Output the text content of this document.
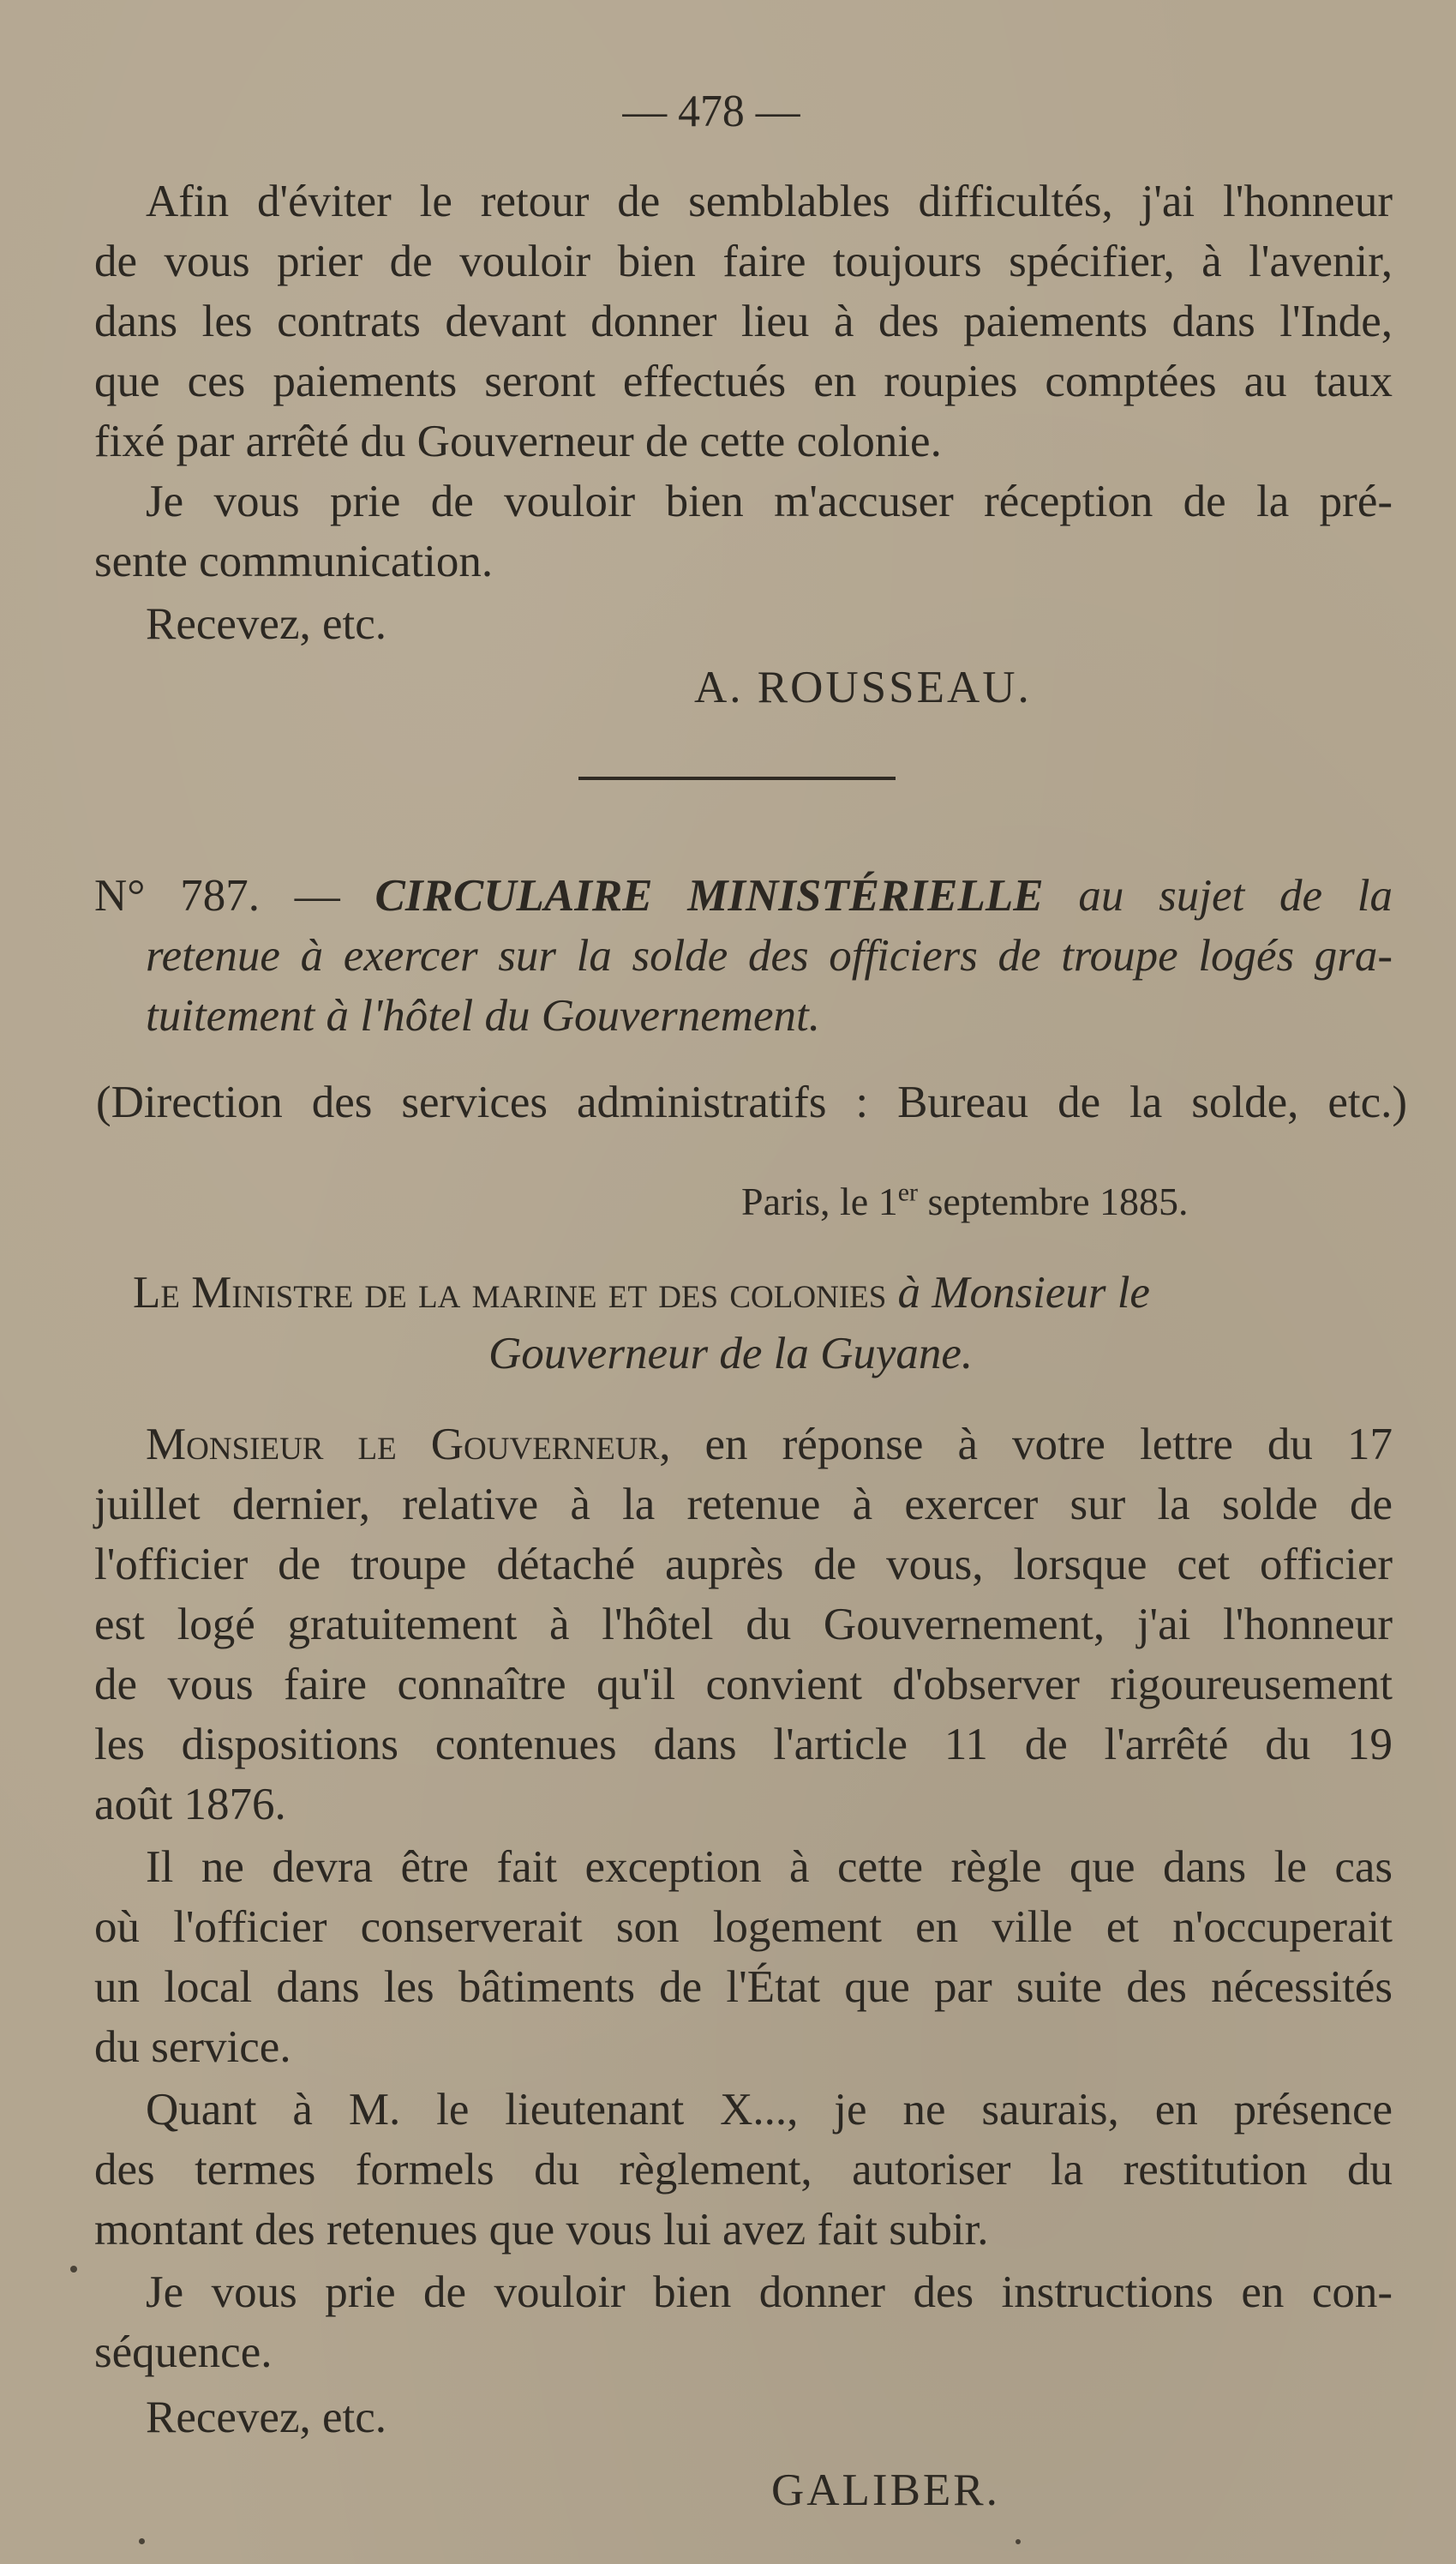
— 478 —
Afin d'éviter le retour de semblables difficultés, j'ai l'honneur
de vous prier de vouloir bien faire toujours spécifier, à l'avenir,
dans les contrats devant donner lieu à des paiements dans l'Inde,
que ces paiements seront effectués en roupies comptées au taux
fixé par arrêté du Gouverneur de cette colonie.
Je vous prie de vouloir bien m'accuser réception de la pré-
sente communication.
Recevez, etc.
A. ROUSSEAU.
N° 787. — CIRCULAIRE MINISTÉRIELLE au sujet de la
retenue à exercer sur la solde des officiers de troupe logés gra-
tuitement à l'hôtel du Gouvernement.
(Direction des services administratifs : Bureau de la solde, etc.)
Paris, le 1er septembre 1885.
Le Ministre de la marine et des colonies à Monsieur le
Gouverneur de la Guyane.
Monsieur le Gouverneur, en réponse à votre lettre du 17
juillet dernier, relative à la retenue à exercer sur la solde de
l'officier de troupe détaché auprès de vous, lorsque cet officier
est logé gratuitement à l'hôtel du Gouvernement, j'ai l'honneur
de vous faire connaître qu'il convient d'observer rigoureusement
les dispositions contenues dans l'article 11 de l'arrêté du 19
août 1876.
Il ne devra être fait exception à cette règle que dans le cas
où l'officier conserverait son logement en ville et n'occuperait
un local dans les bâtiments de l'État que par suite des nécessités
du service.
Quant à M. le lieutenant X..., je ne saurais, en présence
des termes formels du règlement, autoriser la restitution du
montant des retenues que vous lui avez fait subir.
Je vous prie de vouloir bien donner des instructions en con-
séquence.
Recevez, etc.
GALIBER.
